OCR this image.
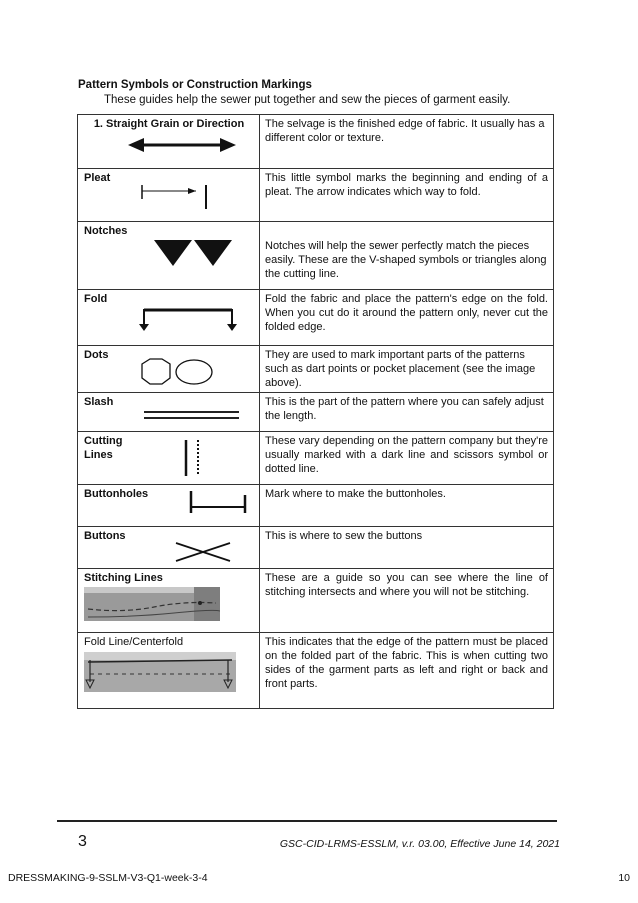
Pattern Symbols or Construction Markings
These guides help the sewer put together and sew the pieces of garment easily.
1. Straight Grain or Direction	The selvage is the finished edge of fabric. It usually has a different color or texture.

Pleat	This little symbol marks the beginning and ending of a pleat. The arrow indicates which way to fold.

Notches	Notches will help the sewer perfectly match the pieces easily. These are the V-shaped symbols or triangles along the cutting line.

Fold	Fold the fabric and place the pattern's edge on the fold. When you cut do it around the pattern only, never cut the folded edge.

Dots	They are used to mark important parts of the patterns such as dart points or pocket placement (see the image above).

Slash	This is the part of the pattern where you can safely adjust the length.

Cutting
Lines	These vary depending on the pattern company but they're usually marked with a dark line and scissors symbol or dotted line.

Buttonholes	Mark where to make the buttonholes.

Buttons	This is where to sew the buttons

Stitching Lines	These are a guide so you can see where the line of stitching intersects and where you will not be stitching.

Fold Line/Centerfold	This indicates that the edge of the pattern must be placed on the folded part of the fabric. This is when cutting two sides of the garment parts as left and right or back and front parts.
3	GSC-CID-LRMS-ESSLM, v.r. 03.00, Effective June 14, 2021
DRESSMAKING-9-SSLM-V3-Q1-week-3-4	10
